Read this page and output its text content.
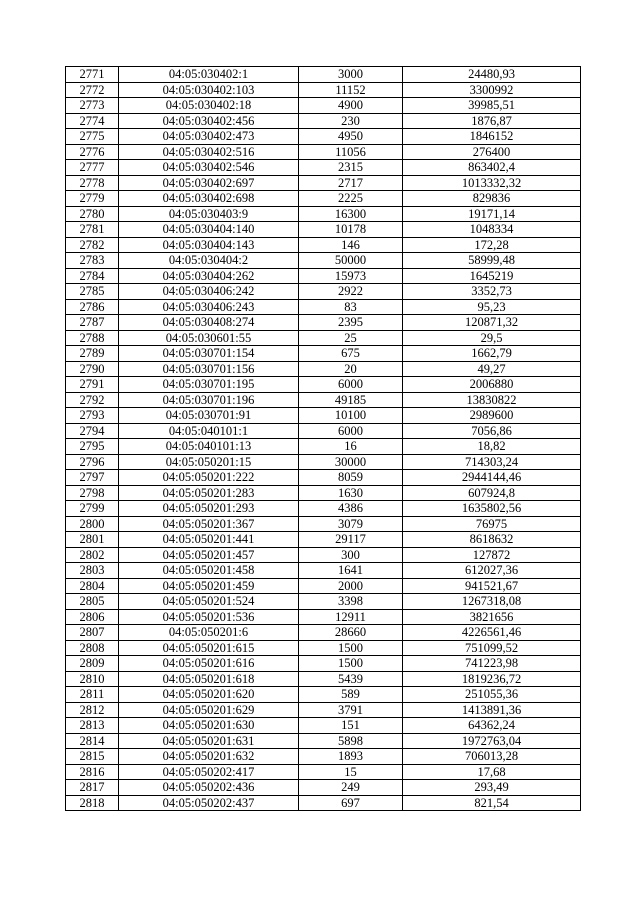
2771	04:05:030402:1	3000	24480,93
2772	04:05:030402:103	11152	3300992
2773	04:05:030402:18	4900	39985,51
2774	04:05:030402:456	230	1876,87
2775	04:05:030402:473	4950	1846152
2776	04:05:030402:516	11056	276400
2777	04:05:030402:546	2315	863402,4
2778	04:05:030402:697	2717	1013332,32
2779	04:05:030402:698	2225	829836
2780	04:05:030403:9	16300	19171,14
2781	04:05:030404:140	10178	1048334
2782	04:05:030404:143	146	172,28
2783	04:05:030404:2	50000	58999,48
2784	04:05:030404:262	15973	1645219
2785	04:05:030406:242	2922	3352,73
2786	04:05:030406:243	83	95,23
2787	04:05:030408:274	2395	120871,32
2788	04:05:030601:55	25	29,5
2789	04:05:030701:154	675	1662,79
2790	04:05:030701:156	20	49,27
2791	04:05:030701:195	6000	2006880
2792	04:05:030701:196	49185	13830822
2793	04:05:030701:91	10100	2989600
2794	04:05:040101:1	6000	7056,86
2795	04:05:040101:13	16	18,82
2796	04:05:050201:15	30000	714303,24
2797	04:05:050201:222	8059	2944144,46
2798	04:05:050201:283	1630	607924,8
2799	04:05:050201:293	4386	1635802,56
2800	04:05:050201:367	3079	76975
2801	04:05:050201:441	29117	8618632
2802	04:05:050201:457	300	127872
2803	04:05:050201:458	1641	612027,36
2804	04:05:050201:459	2000	941521,67
2805	04:05:050201:524	3398	1267318,08
2806	04:05:050201:536	12911	3821656
2807	04:05:050201:6	28660	4226561,46
2808	04:05:050201:615	1500	751099,52
2809	04:05:050201:616	1500	741223,98
2810	04:05:050201:618	5439	1819236,72
2811	04:05:050201:620	589	251055,36
2812	04:05:050201:629	3791	1413891,36
2813	04:05:050201:630	151	64362,24
2814	04:05:050201:631	5898	1972763,04
2815	04:05:050201:632	1893	706013,28
2816	04:05:050202:417	15	17,68
2817	04:05:050202:436	249	293,49
2818	04:05:050202:437	697	821,54
